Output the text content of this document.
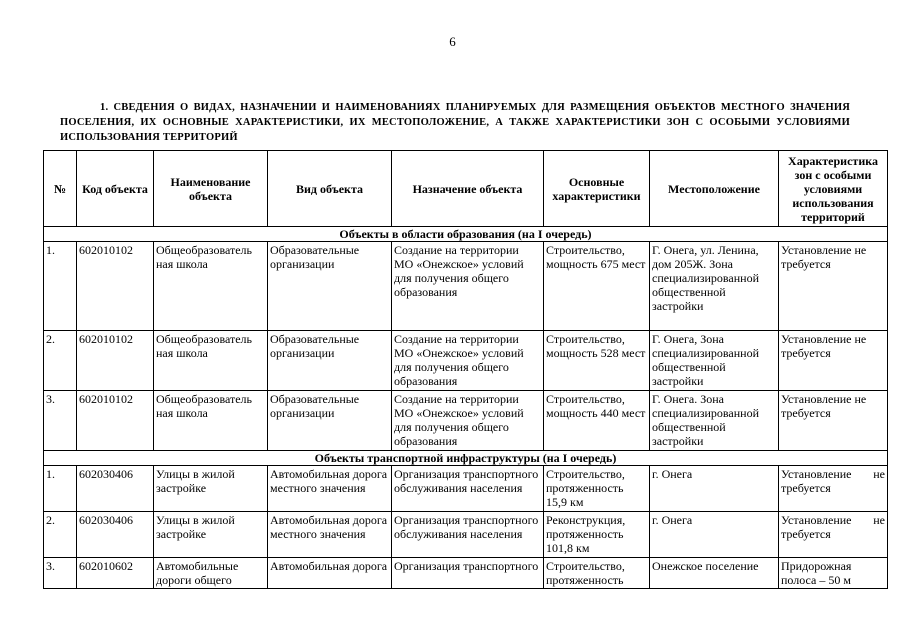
6

1. СВЕДЕНИЯ О ВИДАХ, НАЗНАЧЕНИИ И НАИМЕНОВАНИЯХ ПЛАНИРУЕМЫХ ДЛЯ РАЗМЕЩЕНИЯ ОБЪЕКТОВ МЕСТНОГО ЗНАЧЕНИЯ ПОСЕЛЕНИЯ, ИХ ОСНОВНЫЕ ХАРАКТЕРИСТИКИ, ИХ МЕСТОПОЛОЖЕНИЕ, А ТАКЖЕ ХАРАКТЕРИСТИКИ ЗОН С ОСОБЫМИ УСЛОВИЯМИ ИСПОЛЬЗОВАНИЯ ТЕРРИТОРИЙ

№	Код объекта	Наименование объекта	Вид объекта	Назначение объекта	Основные характеристики	Местоположение	Характеристика зон с особыми условиями использования территорий
Объекты в области образования (на I очередь)							
1.	602010102	Общеобразователь ная школа	Образовательные организации	Создание на территории МО «Онежское» условий для получения общего образования	Строительство, мощность 675 мест	Г. Онега, ул. Ленина, дом 205Ж. Зона специализированной общественной застройки	Установление не требуется
2.	602010102	Общеобразователь ная школа	Образовательные организации	Создание на территории МО «Онежское» условий для получения общего образования	Строительство, мощность 528 мест	Г. Онега, Зона специализированной общественной застройки	Установление не требуется
3.	602010102	Общеобразователь ная школа	Образовательные организации	Создание на территории МО «Онежское» условий для получения общего образования	Строительство, мощность 440 мест	Г. Онега. Зона специализированной общественной застройки	Установление не требуется
Объекты транспортной инфраструктуры (на I очередь)							
1.	602030406	Улицы в жилой застройке	Автомобильная дорога местного значения	Организация транспортного обслуживания населения	Строительство, протяженность 15,9 км	г. Онега	Установление не требуется
2.	602030406	Улицы в жилой застройке	Автомобильная дорога местного значения	Организация транспортного обслуживания населения	Реконструкция, протяженность 101,8 км	г. Онега	Установление не требуется
3.	602010602	Автомобильные дороги общего	Автомобильная дорога	Организация транспортного	Строительство, протяженность	Онежское поселение	Придорожная полоса – 50 м
